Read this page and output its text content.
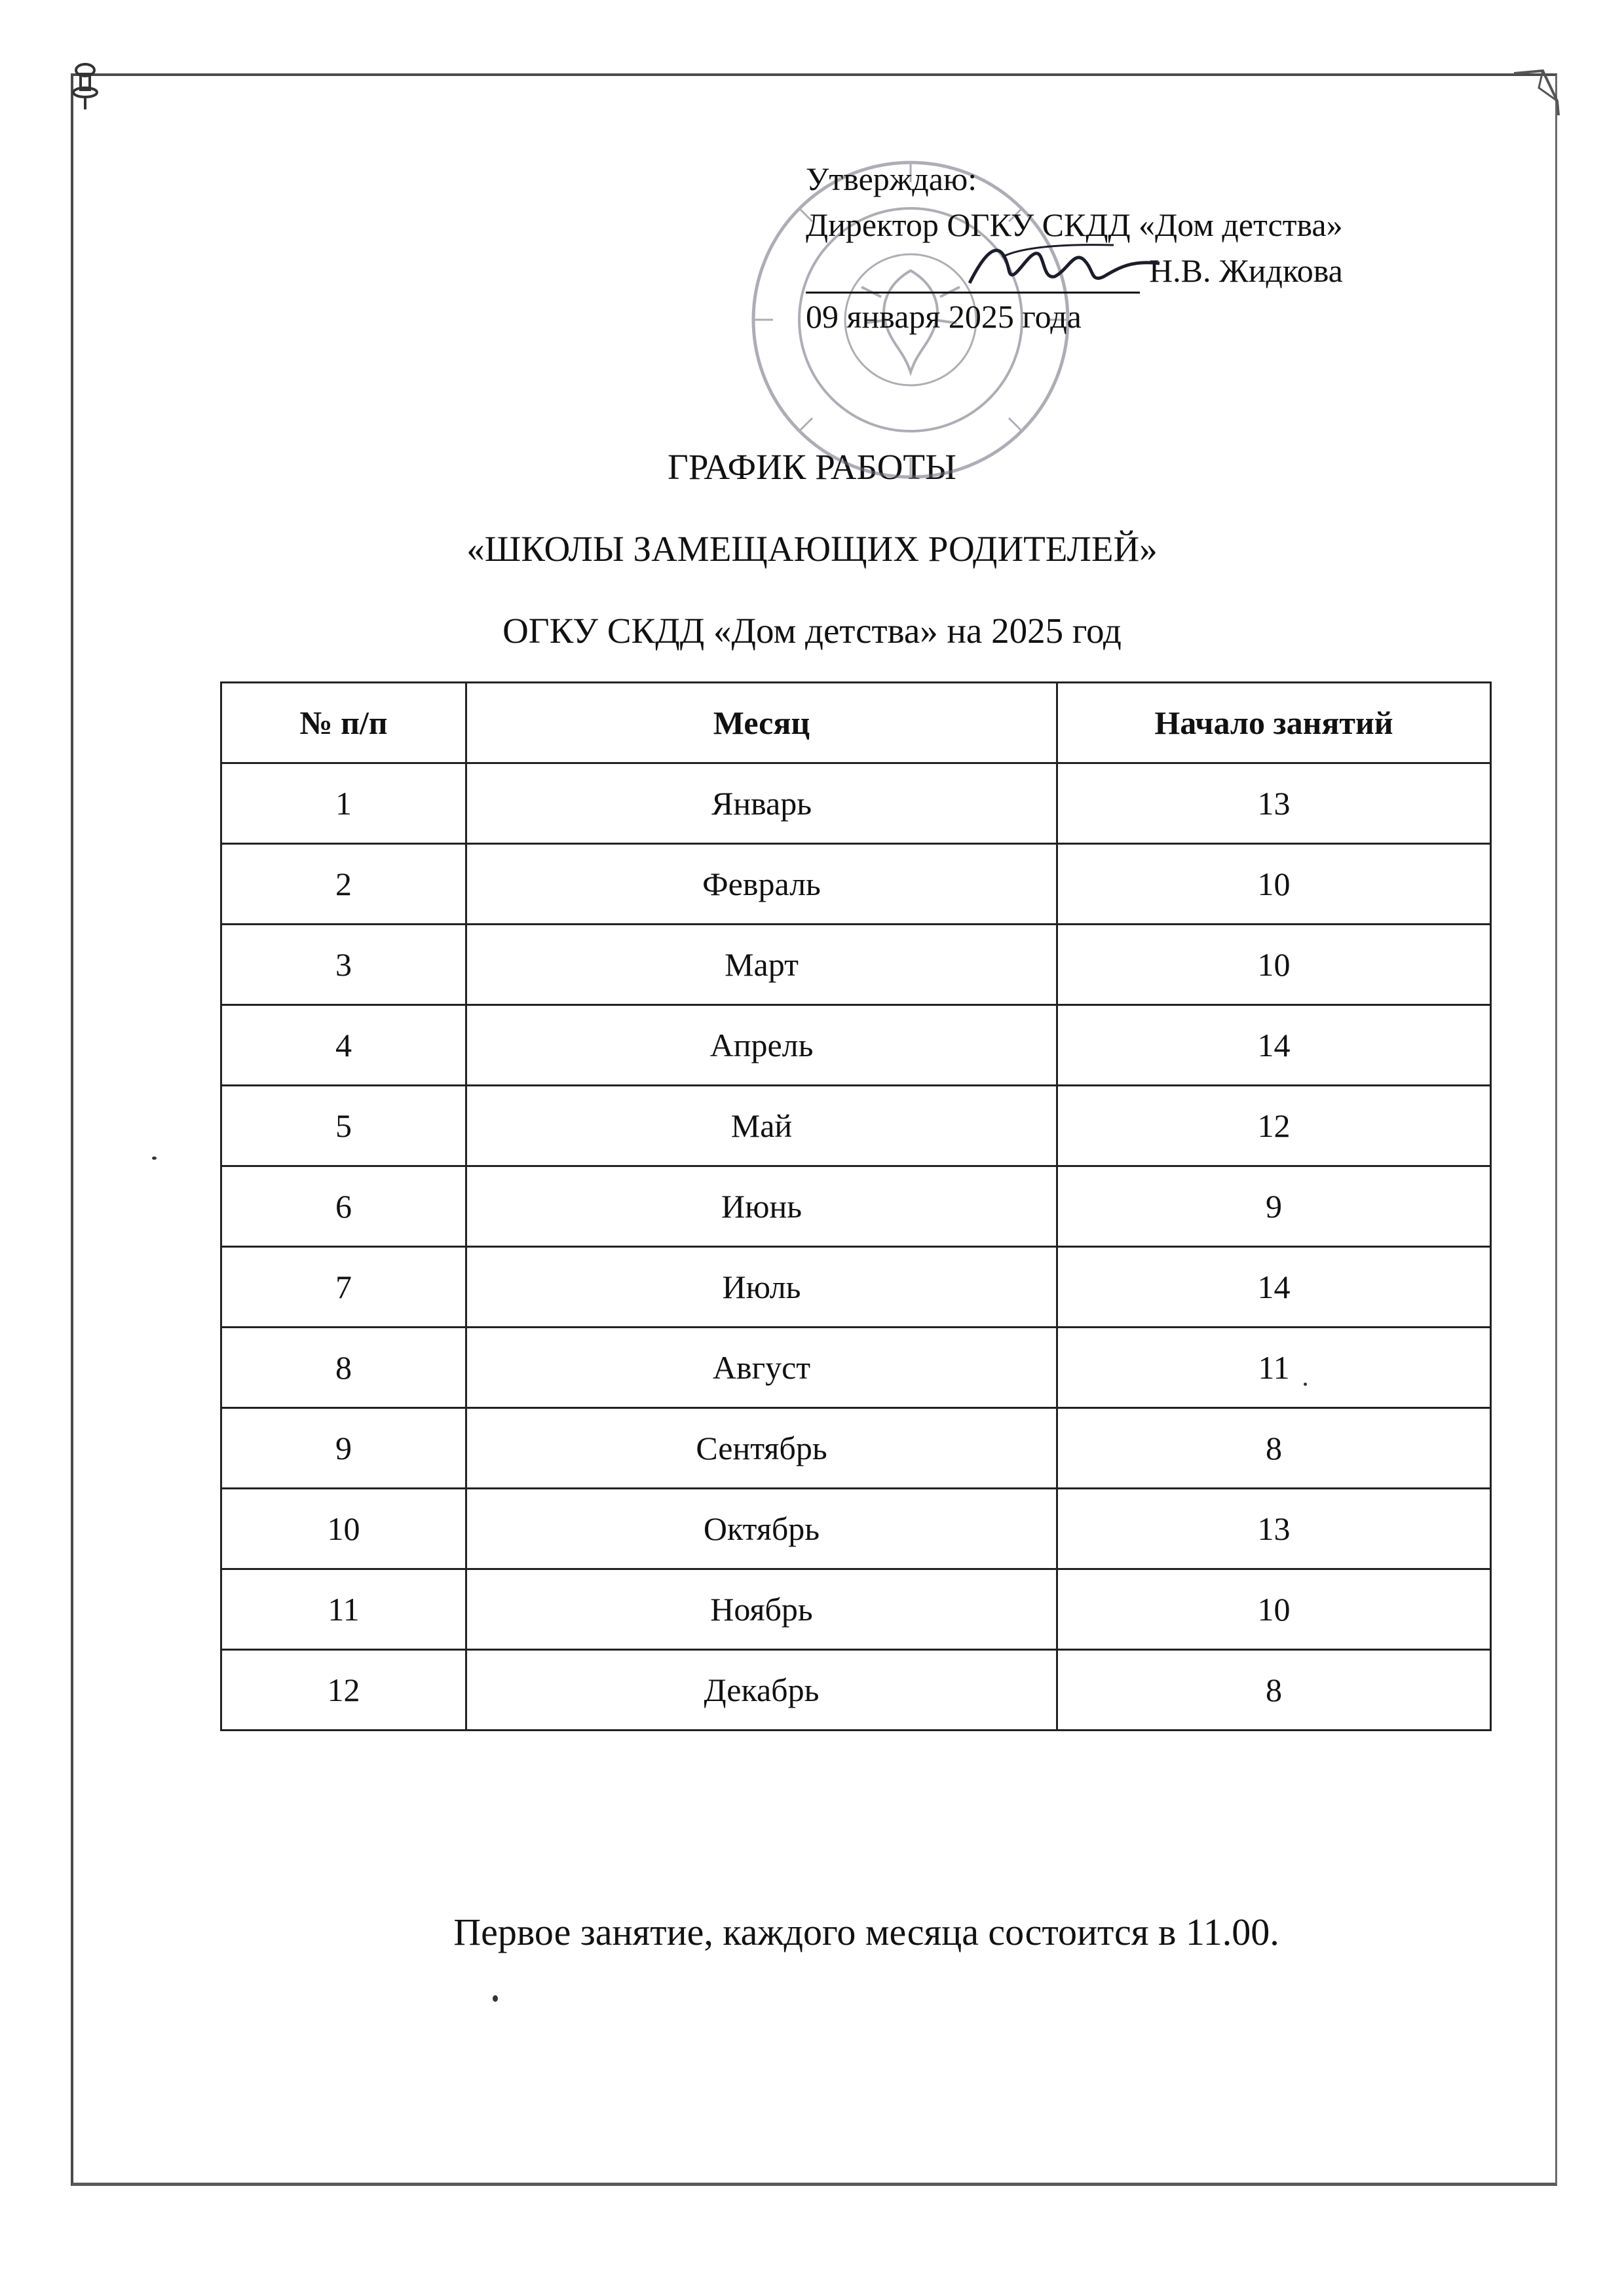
Утверждаю:
Директор ОГКУ СКДД «Дом детства»
Н.В. Жидкова
09 января 2025 года
ГРАФИК РАБОТЫ
«ШКОЛЫ ЗАМЕЩАЮЩИХ РОДИТЕЛЕЙ»
ОГКУ СКДД «Дом детства» на 2025 год
№ п/п	Месяц	Начало занятий
1	Январь	13
2	Февраль	10
3	Март	10
4	Апрель	14
5	Май	12
6	Июнь	9
7	Июль	14
8	Август	11
9	Сентябрь	8
10	Октябрь	13
11	Ноябрь	10
12	Декабрь	8
Первое занятие, каждого месяца состоится в 11.00.
